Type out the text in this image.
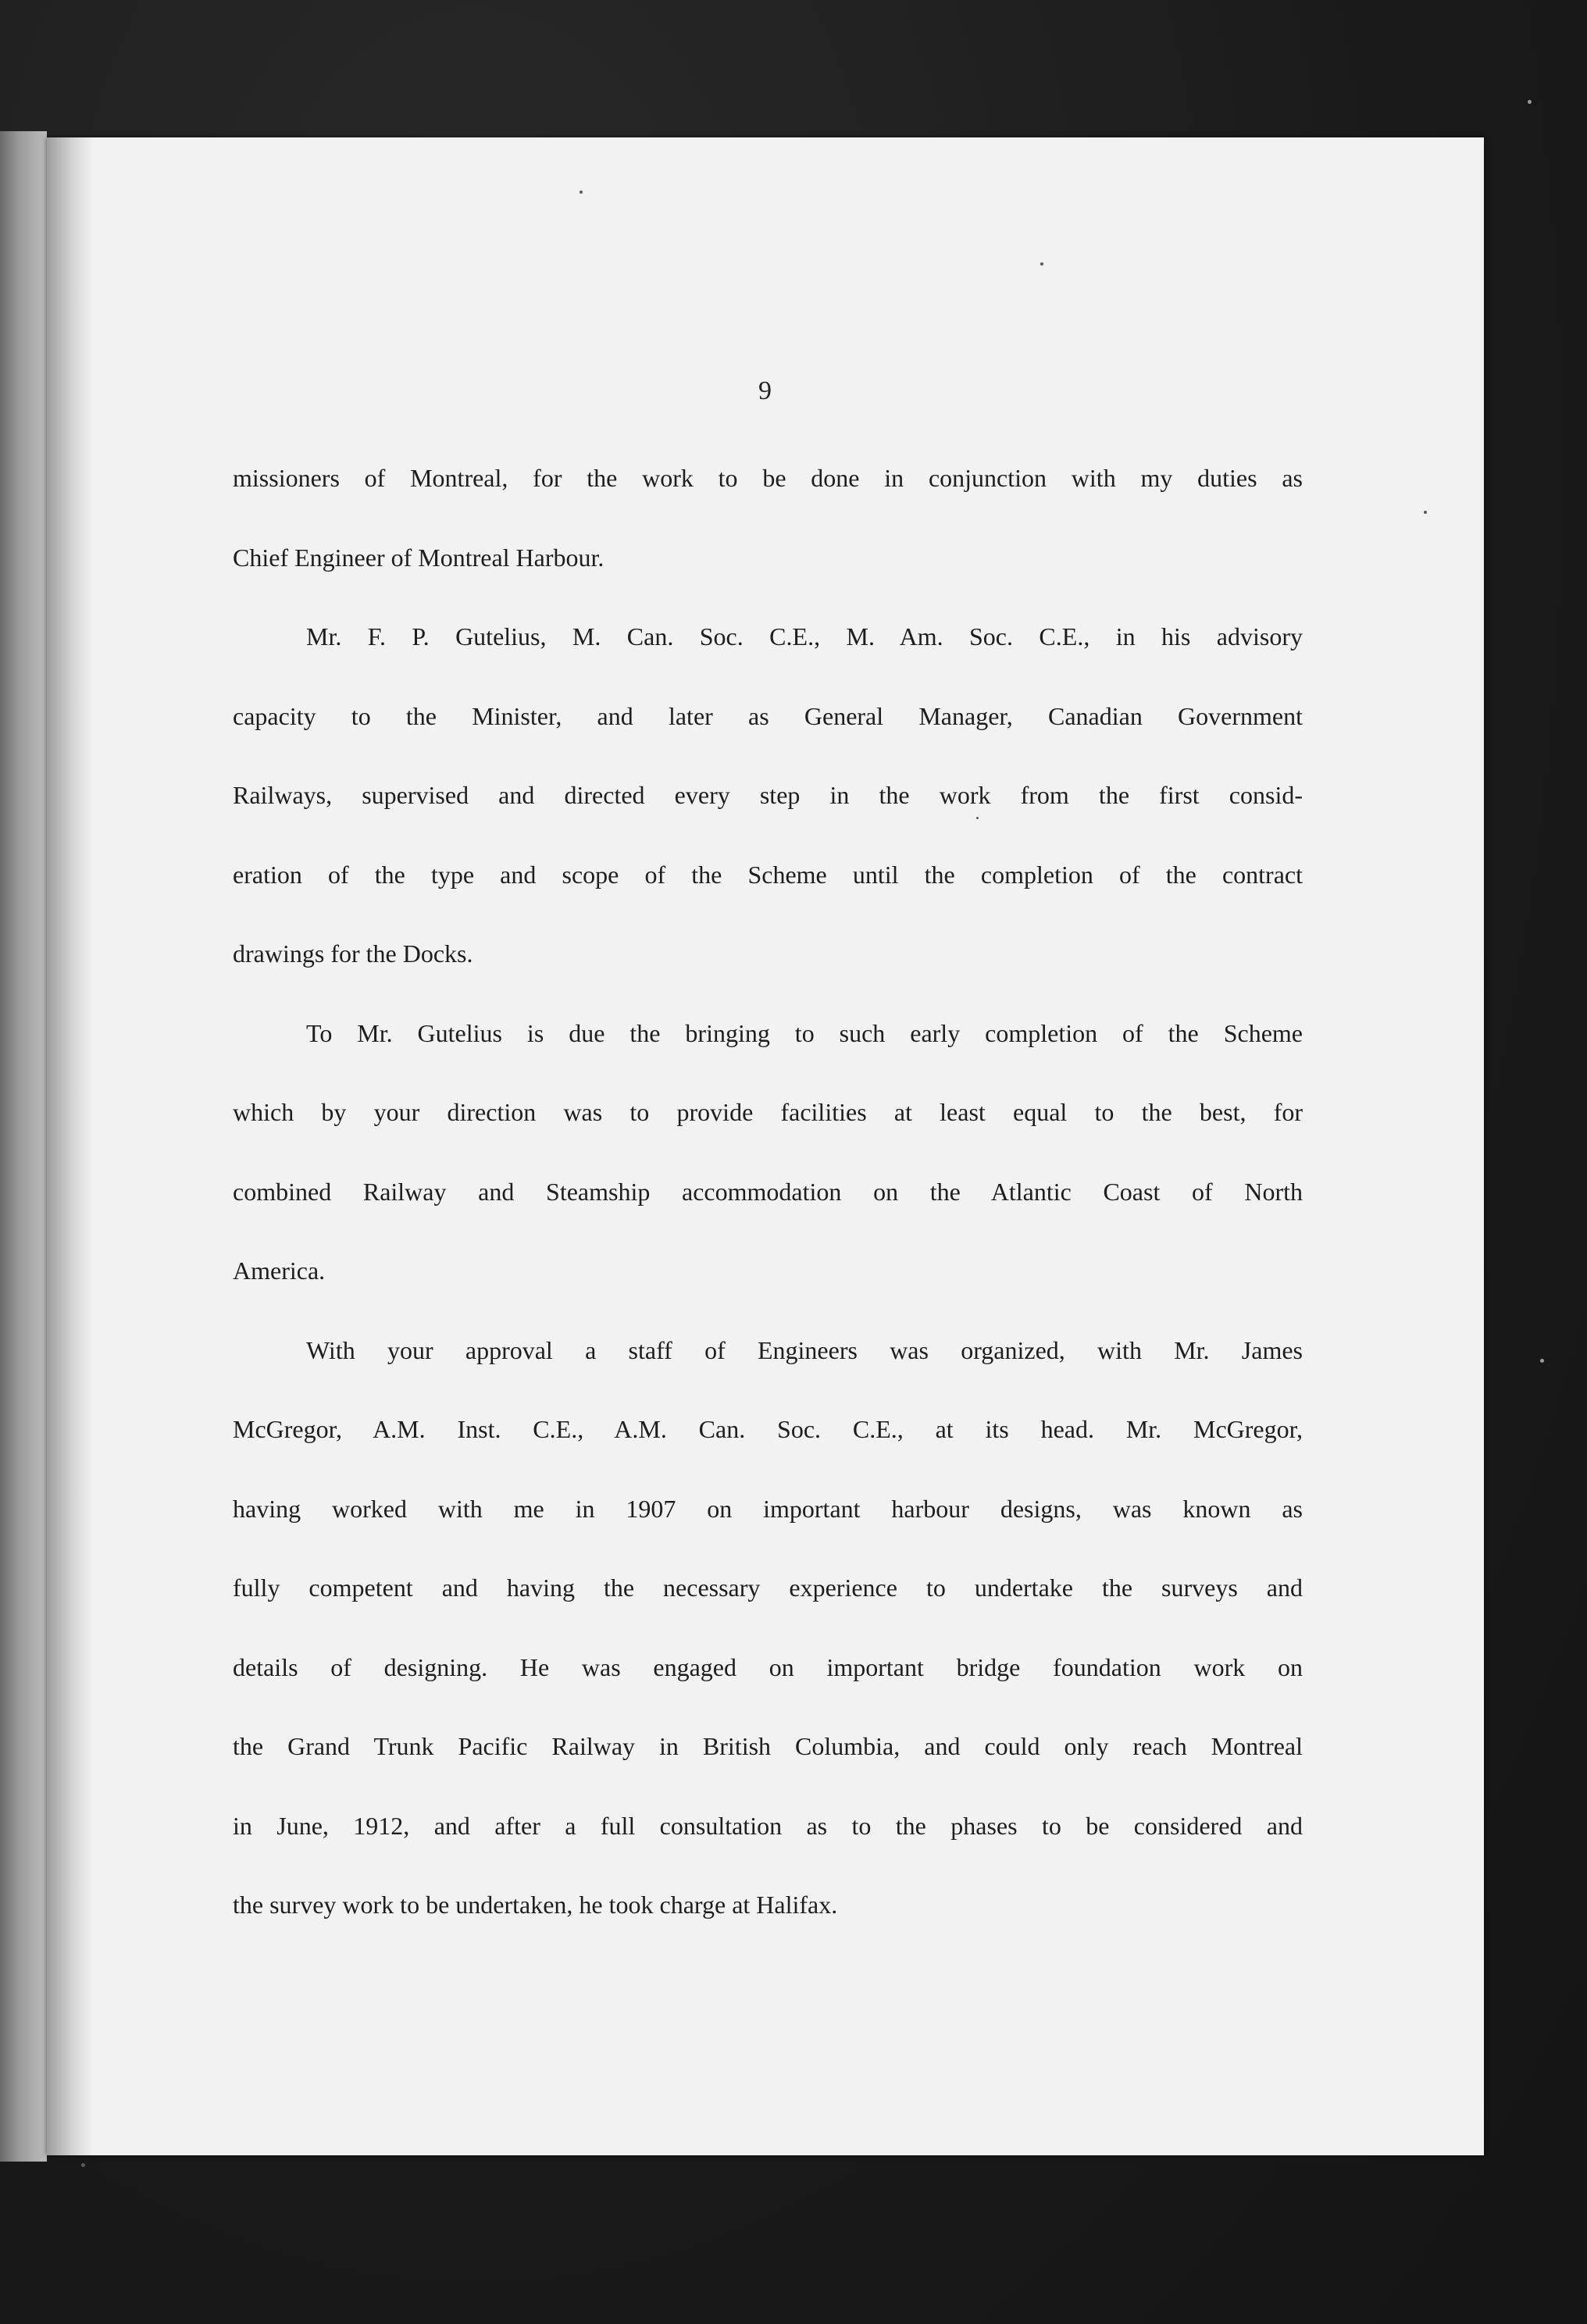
9
missioners of Montreal, for the work to be done in conjunction with my duties as
Chief Engineer of Montreal Harbour.
Mr. F. P. Gutelius, M. Can. Soc. C.E., M. Am. Soc. C.E., in his advisory
capacity to the Minister, and later as General Manager, Canadian Government
Railways, supervised and directed every step in the work from the first consid-
eration of the type and scope of the Scheme until the completion of the contract
drawings for the Docks.
To Mr. Gutelius is due the bringing to such early completion of the Scheme
which by your direction was to provide facilities at least equal to the best, for
combined Railway and Steamship accommodation on the Atlantic Coast of North
America.
With your approval a staff of Engineers was organized, with Mr. James
McGregor, A.M. Inst. C.E., A.M. Can. Soc. C.E., at its head. Mr. McGregor,
having worked with me in 1907 on important harbour designs, was known as
fully competent and having the necessary experience to undertake the surveys and
details of designing. He was engaged on important bridge foundation work on
the Grand Trunk Pacific Railway in British Columbia, and could only reach Montreal
in June, 1912, and after a full consultation as to the phases to be considered and
the survey work to be undertaken, he took charge at Halifax.
